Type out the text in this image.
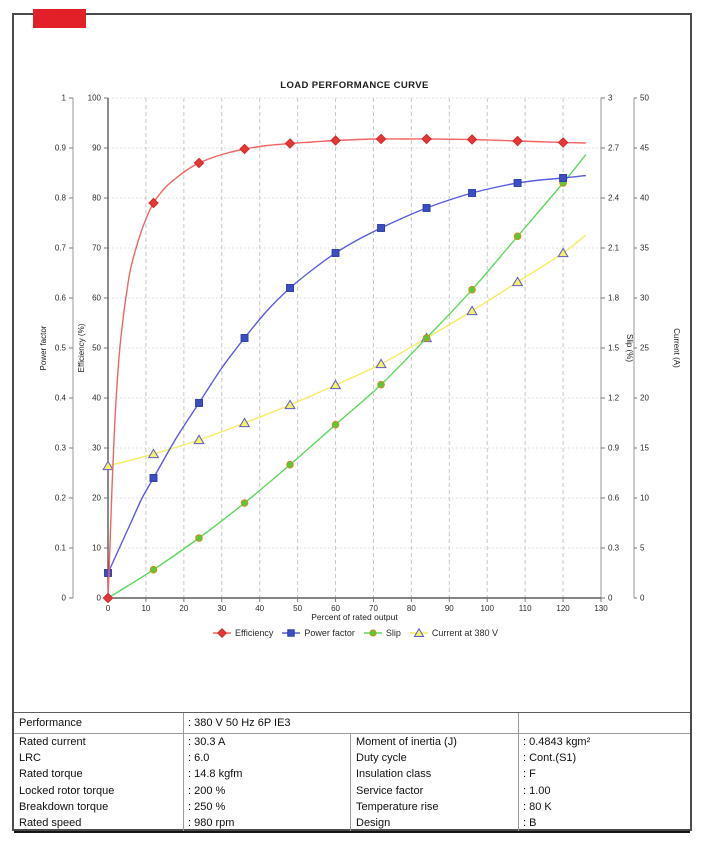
0
0.1
0.2
0.3
0.4
0.5
0.6
0.7
0.8
0.9
1
Power factor
0
10
20
30
40
50
60
70
80
90
100
Efficiency (%)
0
0.3
0.6
0.9
1.2
1.5
1.8
2.1
2.4
2.7
3
Slip (%)
0
5
10
15
20
25
30
35
40
45
50
Current (A)
0	10	20	30	40	50	60	70	80	90	100	110	120	130
Percent of rated output
LOAD PERFORMANCE CURVE
Efficiency	Power factor	Slip	Current at 380 V
Performance	: 380 V 50 Hz 6P IE3
Rated current	: 30.3 A	Moment of inertia (J)	: 0.4843 kgm²
LRC	: 6.0	Duty cycle	: Cont.(S1)
Rated torque	: 14.8 kgfm	Insulation class	: F
Locked rotor torque	: 200 %	Service factor	: 1.00
Breakdown torque	: 250 %	Temperature rise	: 80 K
Rated speed	: 980 rpm	Design	: B
